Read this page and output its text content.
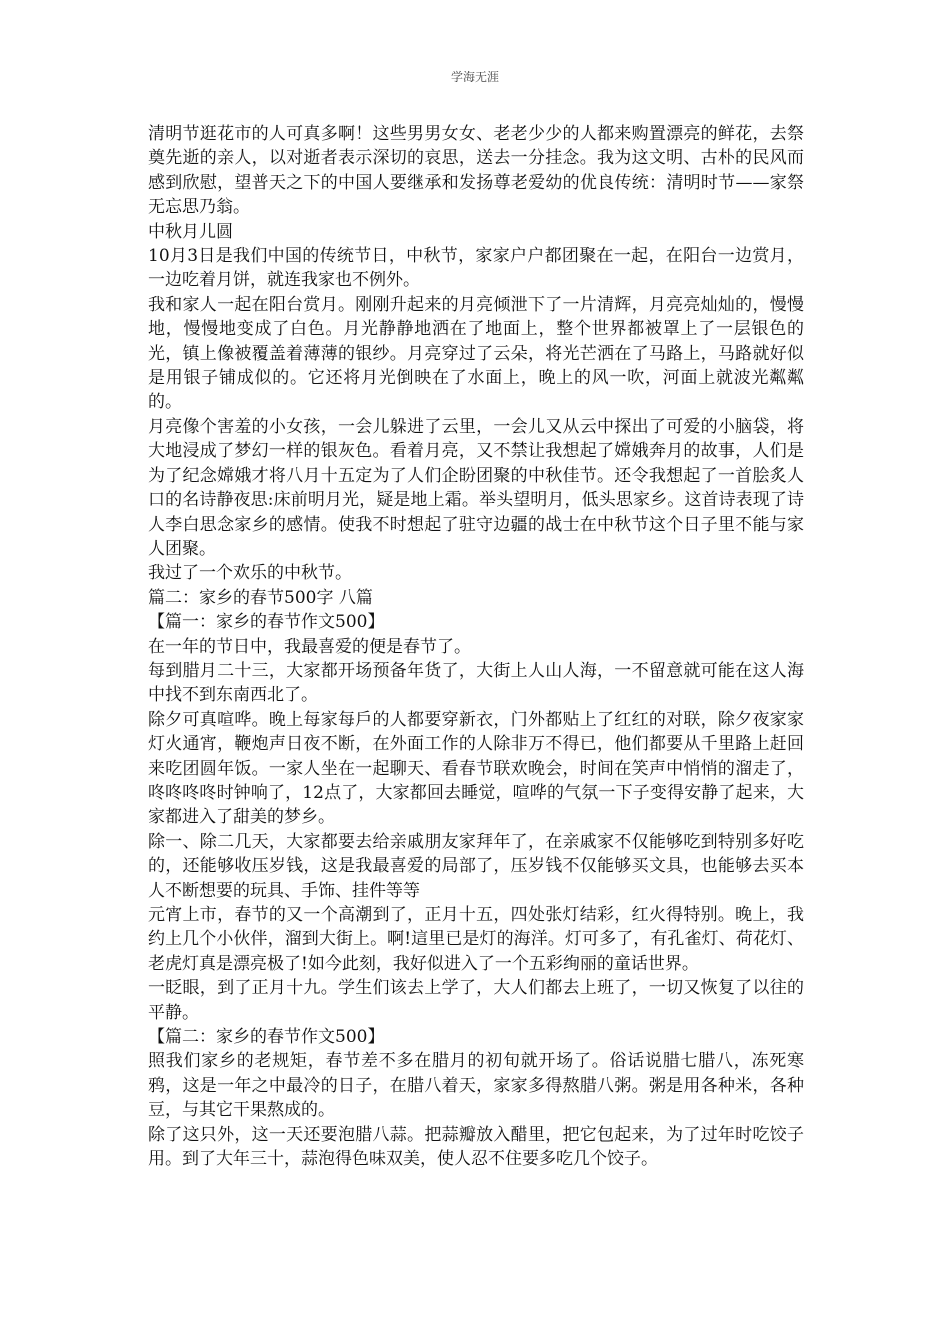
学海无涯

清明节逛花市的人可真多啊！这些男男女女、老老少少的人都来购置漂亮的鲜花，去祭奠先逝的亲人，以对逝者表示深切的哀思，送去一分挂念。我为这文明、古朴的民风而感到欣慰，望普天之下的中国人要继承和发扬尊老爱幼的优良传统：清明时节——家祭无忘思乃翁。

中秋月儿圆

10月3日是我们中国的传统节日，中秋节，家家户户都团聚在一起，在阳台一边赏月，一边吃着月饼，就连我家也不例外。

我和家人一起在阳台赏月。刚刚升起来的月亮倾泄下了一片清辉，月亮亮灿灿的，慢慢地，慢慢地变成了白色。月光静静地洒在了地面上，整个世界都被罩上了一层银色的光，镇上像被覆盖着薄薄的银纱。月亮穿过了云朵，将光芒洒在了马路上，马路就好似是用银子铺成似的。它还将月光倒映在了水面上，晚上的风一吹，河面上就波光粼粼的。

月亮像个害羞的小女孩，一会儿躲进了云里，一会儿又从云中探出了可爱的小脑袋，将大地浸成了梦幻一样的银灰色。看着月亮，又不禁让我想起了嫦娥奔月的故事，人们是为了纪念嫦娥才将八月十五定为了人们企盼团聚的中秋佳节。还令我想起了一首脍炙人口的名诗静夜思:床前明月光，疑是地上霜。举头望明月，低头思家乡。这首诗表现了诗人李白思念家乡的感情。使我不时想起了驻守边疆的战士在中秋节这个日子里不能与家人团聚。

我过了一个欢乐的中秋节。

篇二：家乡的春节500字 八篇

【篇一：家乡的春节作文500】

在一年的节日中，我最喜爱的便是春节了。

每到腊月二十三，大家都开场预备年货了，大街上人山人海，一不留意就可能在这人海中找不到东南西北了。

除夕可真喧哗。晚上每家每戶的人都要穿新衣，门外都贴上了红红的对联，除夕夜家家灯火通宵，鞭炮声日夜不断，在外面工作的人除非万不得已，他们都要从千里路上赶回来吃团圆年饭。一家人坐在一起聊天、看春节联欢晚会，时间在笑声中悄悄的溜走了，咚咚咚咚时钟响了，12点了，大家都回去睡觉，喧哗的气氛一下子变得安静了起来，大家都进入了甜美的梦乡。

除一、除二几天，大家都要去给亲戚朋友家拜年了，在亲戚家不仅能够吃到特别多好吃的，还能够收压岁钱，这是我最喜爱的局部了，压岁钱不仅能够买文具，也能够去买本人不断想要的玩具、手饰、挂件等等

元宵上市，春节的又一个高潮到了，正月十五，四处张灯结彩，红火得特别。晚上，我约上几个小伙伴，溜到大街上。啊!這里已是灯的海洋。灯可多了，有孔雀灯、荷花灯、老虎灯真是漂亮极了!如今此刻，我好似进入了一个五彩绚丽的童话世界。

一眨眼，到了正月十九。学生们该去上学了，大人们都去上班了，一切又恢复了以往的平静。

【篇二：家乡的春节作文500】

照我们家乡的老规矩，春节差不多在腊月的初旬就开场了。俗话说腊七腊八，冻死寒鸦，这是一年之中最冷的日子，在腊八着天，家家多得熬腊八粥。粥是用各种米，各种豆，与其它干果熬成的。

除了这只外，这一天还要泡腊八蒜。把蒜瓣放入醋里，把它包起来，为了过年时吃饺子用。到了大年三十，蒜泡得色味双美，使人忍不住要多吃几个饺子。
